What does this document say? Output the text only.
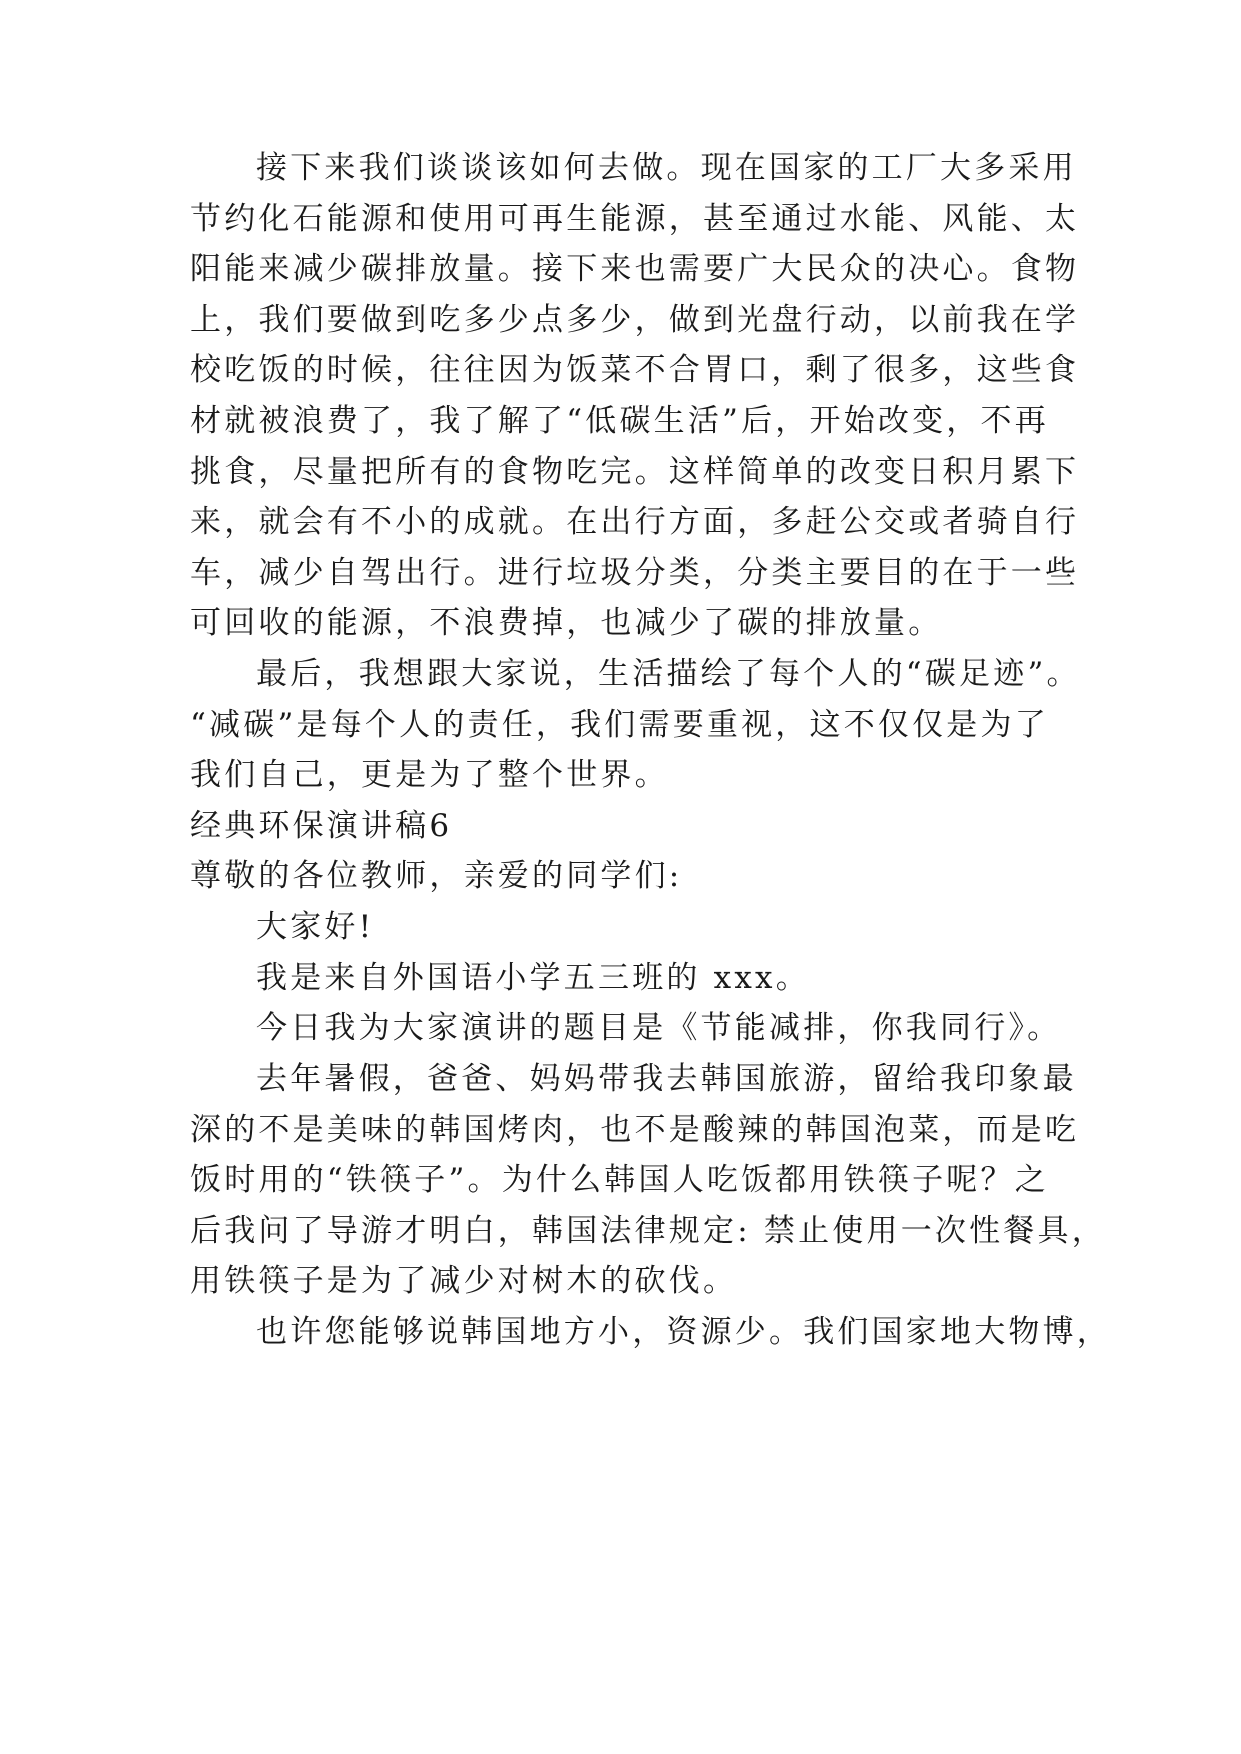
接下来我们谈谈该如何去做。现在国家的工厂大多采用
节约化石能源和使用可再生能源，甚至通过水能、风能、太
阳能来减少碳排放量。接下来也需要广大民众的决心。食物
上，我们要做到吃多少点多少，做到光盘行动，以前我在学
校吃饭的时候，往往因为饭菜不合胃口，剩了很多，这些食
材就被浪费了，我了解了“低碳生活”后，开始改变，不再
挑食，尽量把所有的食物吃完。这样简单的改变日积月累下
来，就会有不小的成就。在出行方面，多赶公交或者骑自行
车，减少自驾出行。进行垃圾分类，分类主要目的在于一些
可回收的能源，不浪费掉，也减少了碳的排放量。
最后，我想跟大家说，生活描绘了每个人的“碳足迹”。
“减碳”是每个人的责任，我们需要重视，这不仅仅是为了
我们自己，更是为了整个世界。
经典环保演讲稿6
尊敬的各位教师，亲爱的同学们:
大家好!
我是来自外国语小学五三班的 xxx。
今日我为大家演讲的题目是《节能减排，你我同行》。
去年暑假，爸爸、妈妈带我去韩国旅游，留给我印象最
深的不是美味的韩国烤肉，也不是酸辣的韩国泡菜，而是吃
饭时用的“铁筷子”。为什么韩国人吃饭都用铁筷子呢？之
后我问了导游才明白，韩国法律规定: 禁止使用一次性餐具，
用铁筷子是为了减少对树木的砍伐。
也许您能够说韩国地方小，资源少。我们国家地大物博，
